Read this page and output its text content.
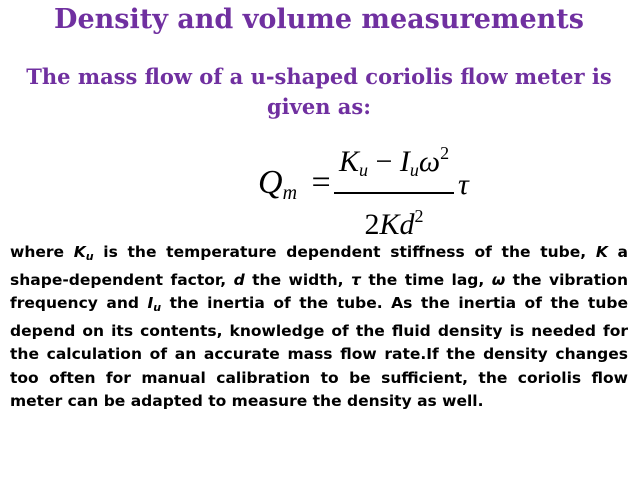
Density and volume measurements
The mass flow of a u-shaped coriolis flow meter is given as:
$Q_m$ =
$K_u - I_u\omega^2$
2Kd$^2$
τ
where $K_u$ is the temperature dependent stiffness of the tube, K a shape-dependent factor, d the width, τ the time lag, ω the vibration frequency and $I_u$ the inertia of the tube. As the inertia of the tube depend on its contents, knowledge of the fluid density is needed for the calculation of an accurate mass flow rate.If the density changes too often for manual calibration to be sufficient, the coriolis flow meter can be adapted to measure the density as well.
